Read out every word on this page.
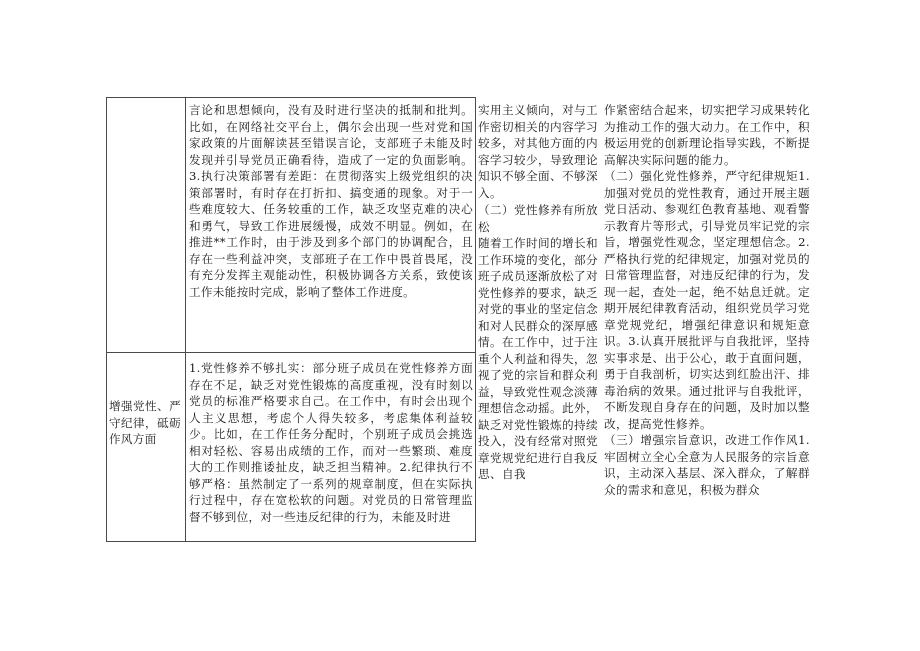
言论和思想倾向，没有及时进行坚决的抵制和批判。比如，在网络社交平台上，偶尔会出现一些对党和国家政策的片面解读甚至错误言论，支部班子未能及时发现并引导党员正确看待，造成了一定的负面影响。3.执行决策部署有差距：在贯彻落实上级党组织的决策部署时，有时存在打折扣、搞变通的现象。对于一些难度较大、任务较重的工作，缺乏攻坚克难的决心和勇气，导致工作进展缓慢，成效不明显。例如，在推进**工作时，由于涉及到多个部门的协调配合，且存在一些利益冲突，支部班子在工作中畏首畏尾，没有充分发挥主观能动性，积极协调各方关系，致使该工作未能按时完成，影响了整体工作进度。
增强党性、严守纪律，砥砺作风方面
1.党性修养不够扎实：部分班子成员在党性修养方面存在不足，缺乏对党性锻炼的高度重视，没有时刻以党员的标准严格要求自己。在工作中，有时会出现个人主义思想，考虑个人得失较多，考虑集体利益较少。比如，在工作任务分配时，个别班子成员会挑选相对轻松、容易出成绩的工作，而对一些繁琐、难度大的工作则推诿扯皮，缺乏担当精神。2.纪律执行不够严格：虽然制定了一系列的规章制度，但在实际执行过程中，存在宽松软的问题。对党员的日常管理监督不够到位，对一些违反纪律的行为，未能及时进

实用主义倾向，对与工作密切相关的内容学习较多，对其他方面的内容学习较少，导致理论知识不够全面、不够深入。

（二）党性修养有所放松

随着工作时间的增长和工作环境的变化，部分班子成员逐渐放松了对党性修养的要求，缺乏对党的事业的坚定信念和对人民群众的深厚感情。在工作中，过于注重个人利益和得失，忽视了党的宗旨和群众利益，导致党性观念淡薄理想信念动摇。此外，缺乏对党性锻炼的持续投入，没有经常对照党章党规党纪进行自我反思、自我

作紧密结合起来，切实把学习成果转化为推动工作的强大动力。在工作中，积极运用党的创新理论指导实践，不断提高解决实际问题的能力。

（二）强化党性修养，严守纪律规矩1.加强对党员的党性教育，通过开展主题党日活动、参观红色教育基地、观看警示教育片等形式，引导党员牢记党的宗旨，增强党性观念，坚定理想信念。2.严格执行党的纪律规定，加强对党员的日常管理监督，对违反纪律的行为，发现一起，查处一起，绝不姑息迁就。定期开展纪律教育活动，组织党员学习党章党规党纪，增强纪律意识和规矩意识。3.认真开展批评与自我批评，坚持实事求是、出于公心，敢于直面问题，勇于自我剖析，切实达到红脸出汗、排毒治病的效果。通过批评与自我批评，不断发现自身存在的问题，及时加以整改，提高党性修养。

（三）增强宗旨意识，改进工作作风1.牢固树立全心全意为人民服务的宗旨意识，主动深入基层、深入群众，了解群众的需求和意见，积极为群众
